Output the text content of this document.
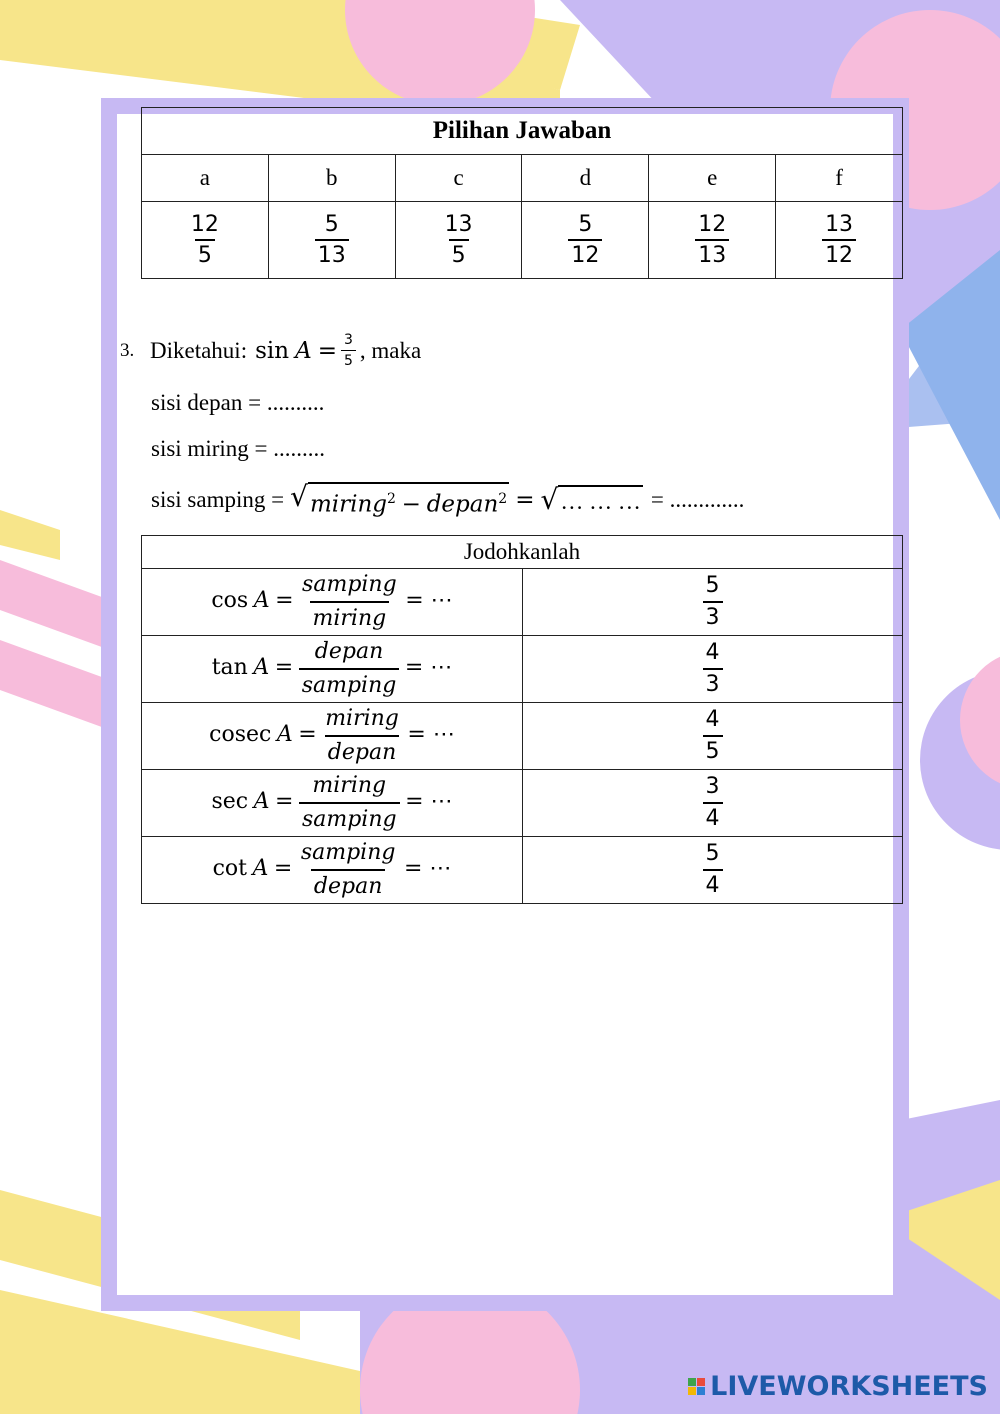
Pilihan Jawaban					
a	b	c	d	e	f

$\frac{12}{5}$	$\frac{5}{13}$	$\frac{13}{5}$	$\frac{5}{12}$	$\frac{12}{13}$	$\frac{13}{12}$
3. Diketahui: $\sin A = \frac{3}{5}$ , maka
sisi depan = ..........
sisi miring = .........
sisi samping = √ miring$^2$ − depan$^2$ = √ … … … = .............
Jodohkanlah	
$\cos A = \frac{\text{samping}}{\text{miring}}$ = ⋯	$\frac{5}{3}$

$\tan A = \frac{\text{depan}}{\text{samping}}$ = ⋯	$\frac{4}{3}$

cosec $A = \frac{\text{miring}}{\text{depan}}$ = ⋯	$\frac{4}{5}$

$\sec A = \frac{\text{miring}}{\text{samping}}$ = ⋯	$\frac{3}{4}$

$\cot A = \frac{\text{samping}}{\text{depan}}$ = ⋯	$\frac{5}{4}$
LIVEWORKSHEETS
